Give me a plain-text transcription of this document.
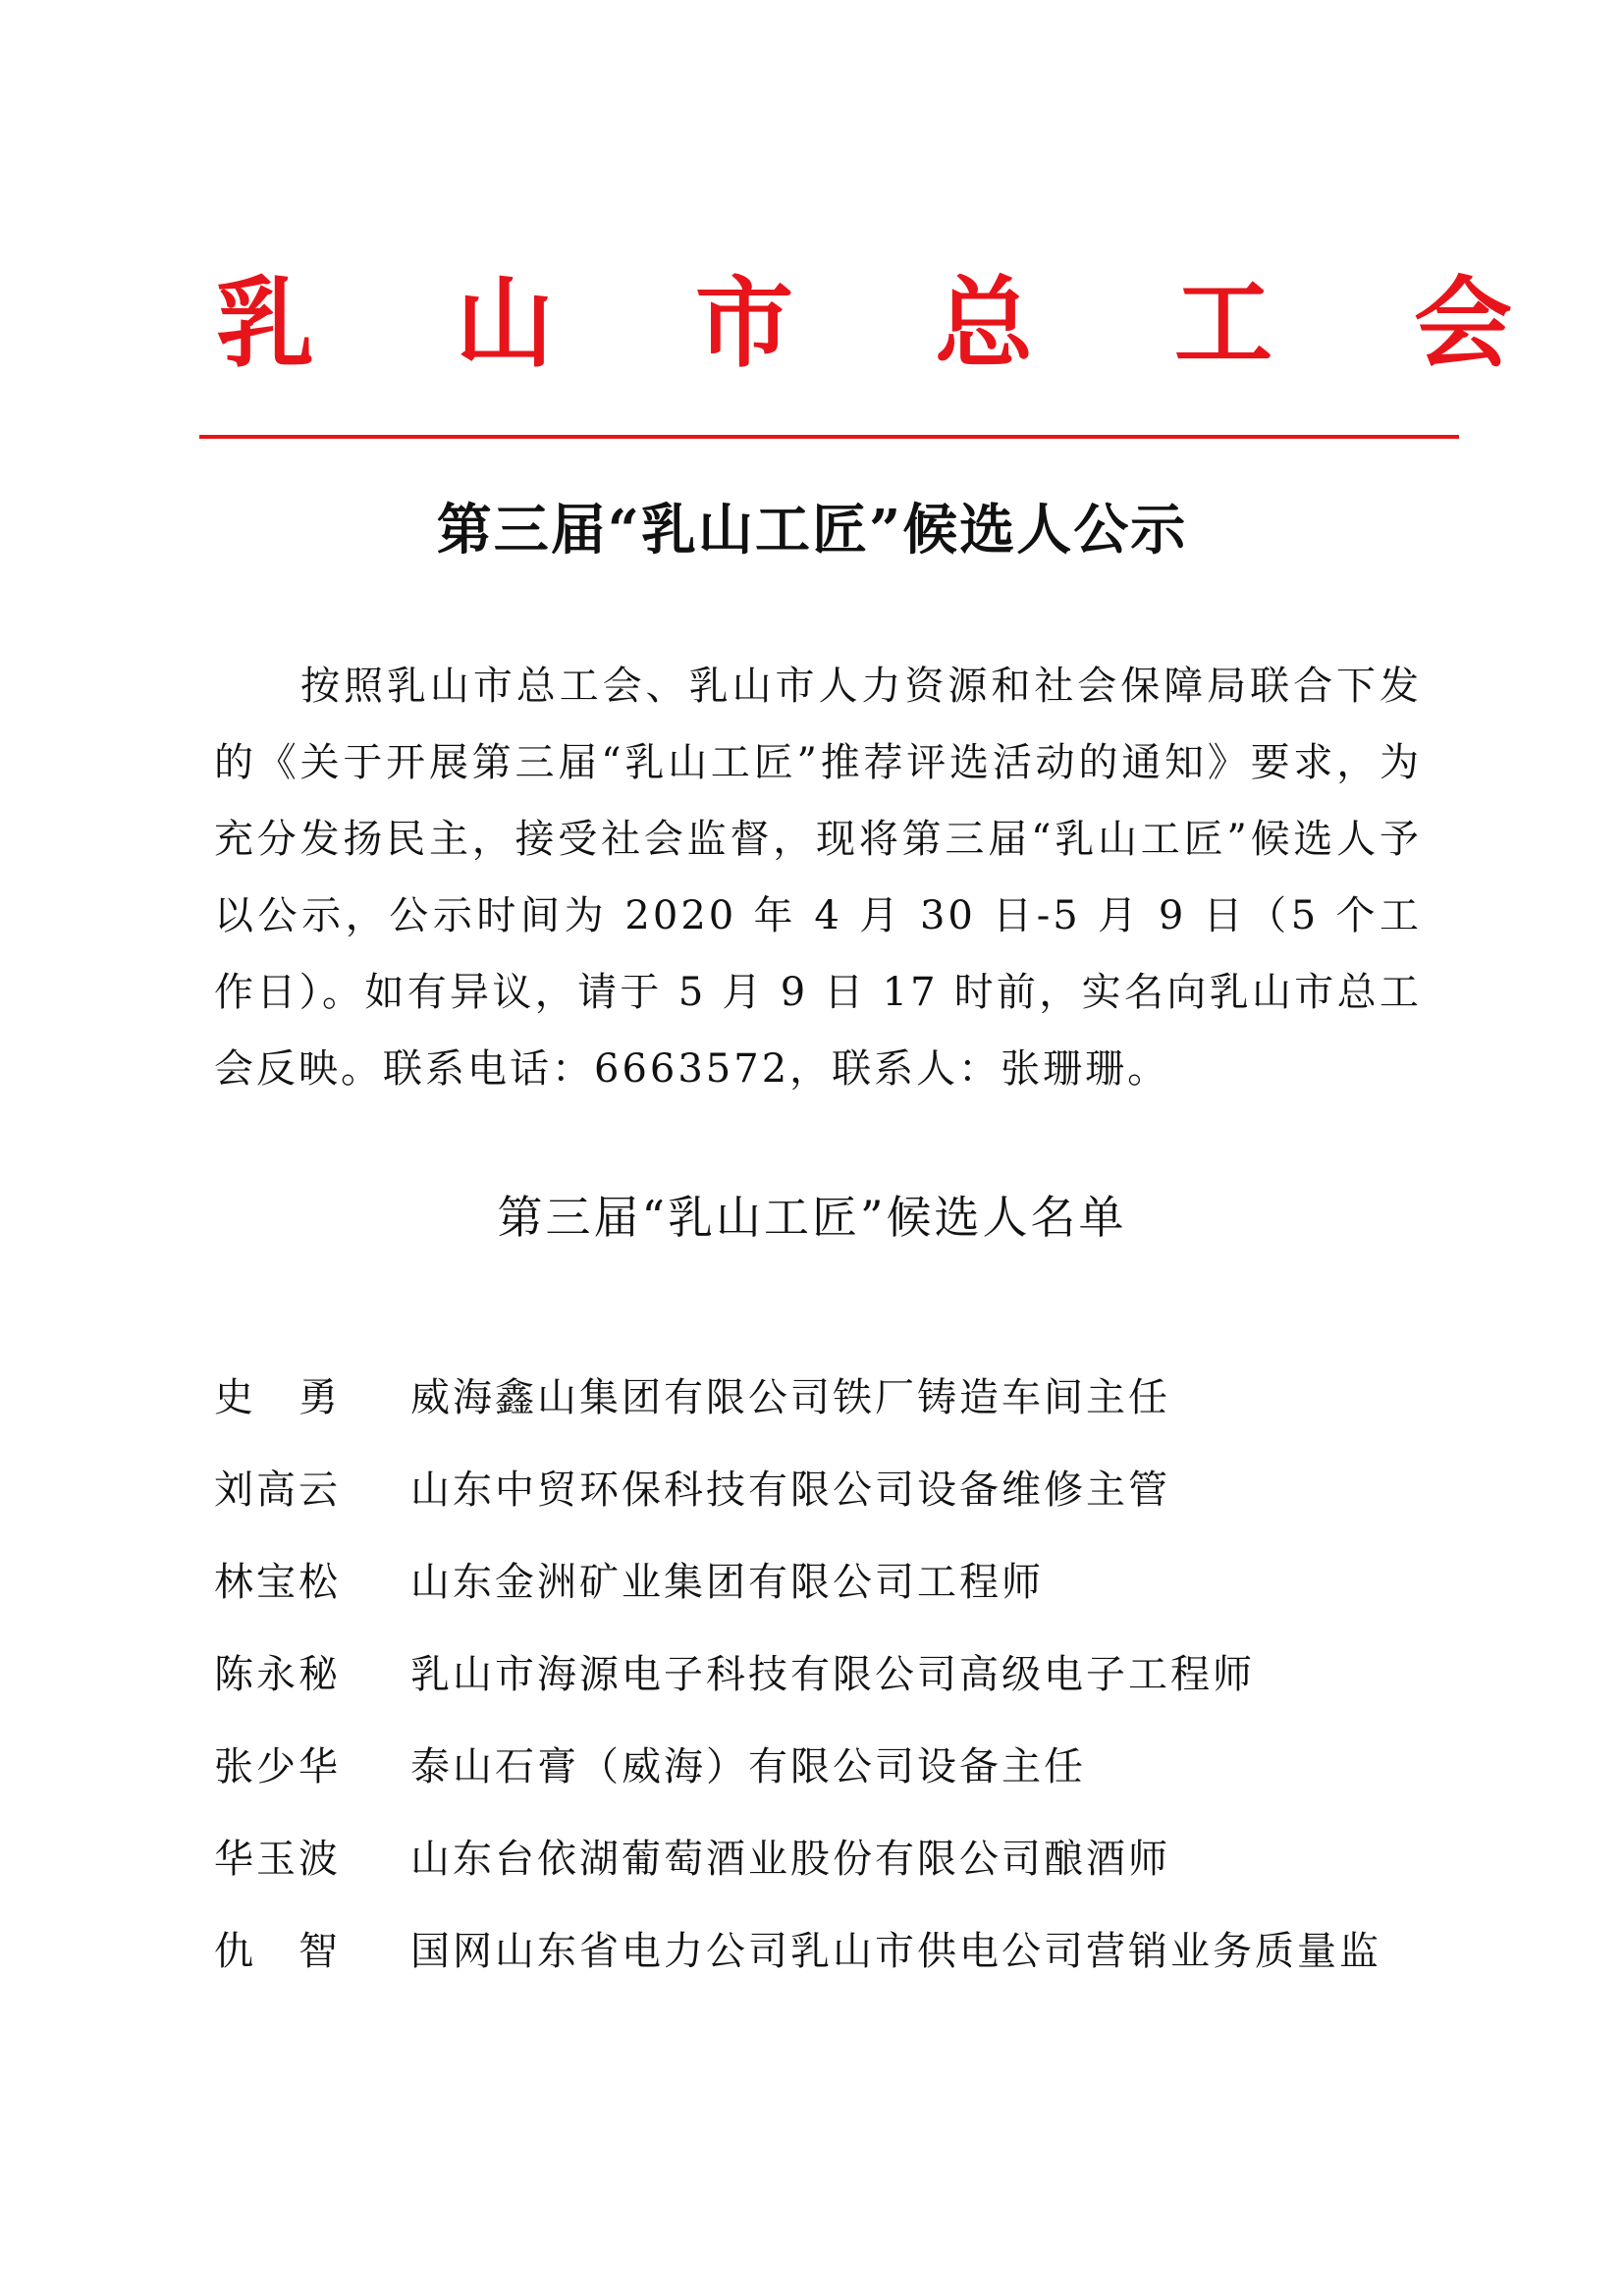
乳 山 市 总 工 会
第三届“乳山工匠”候选人公示

按照乳山市总工会、乳山市人力资源和社会保障局联合下发的《关于开展第三届“乳山工匠”推荐评选活动的通知》要求，为充分发扬民主，接受社会监督，现将第三届“乳山工匠”候选人予以公示，公示时间为 2020 年 4 月 30 日-5 月 9 日（5 个工作日）。如有异议，请于 5 月 9 日 17 时前，实名向乳山市总工会反映。联系电话：6663572，联系人：张珊珊。

第三届“乳山工匠”候选人名单
史　勇	威海鑫山集团有限公司铁厂铸造车间主任
刘高云	山东中贸环保科技有限公司设备维修主管
林宝松	山东金洲矿业集团有限公司工程师
陈永秘	乳山市海源电子科技有限公司高级电子工程师
张少华	泰山石膏（威海）有限公司设备主任
华玉波	山东台依湖葡萄酒业股份有限公司酿酒师
仇　智	国网山东省电力公司乳山市供电公司营销业务质量监
